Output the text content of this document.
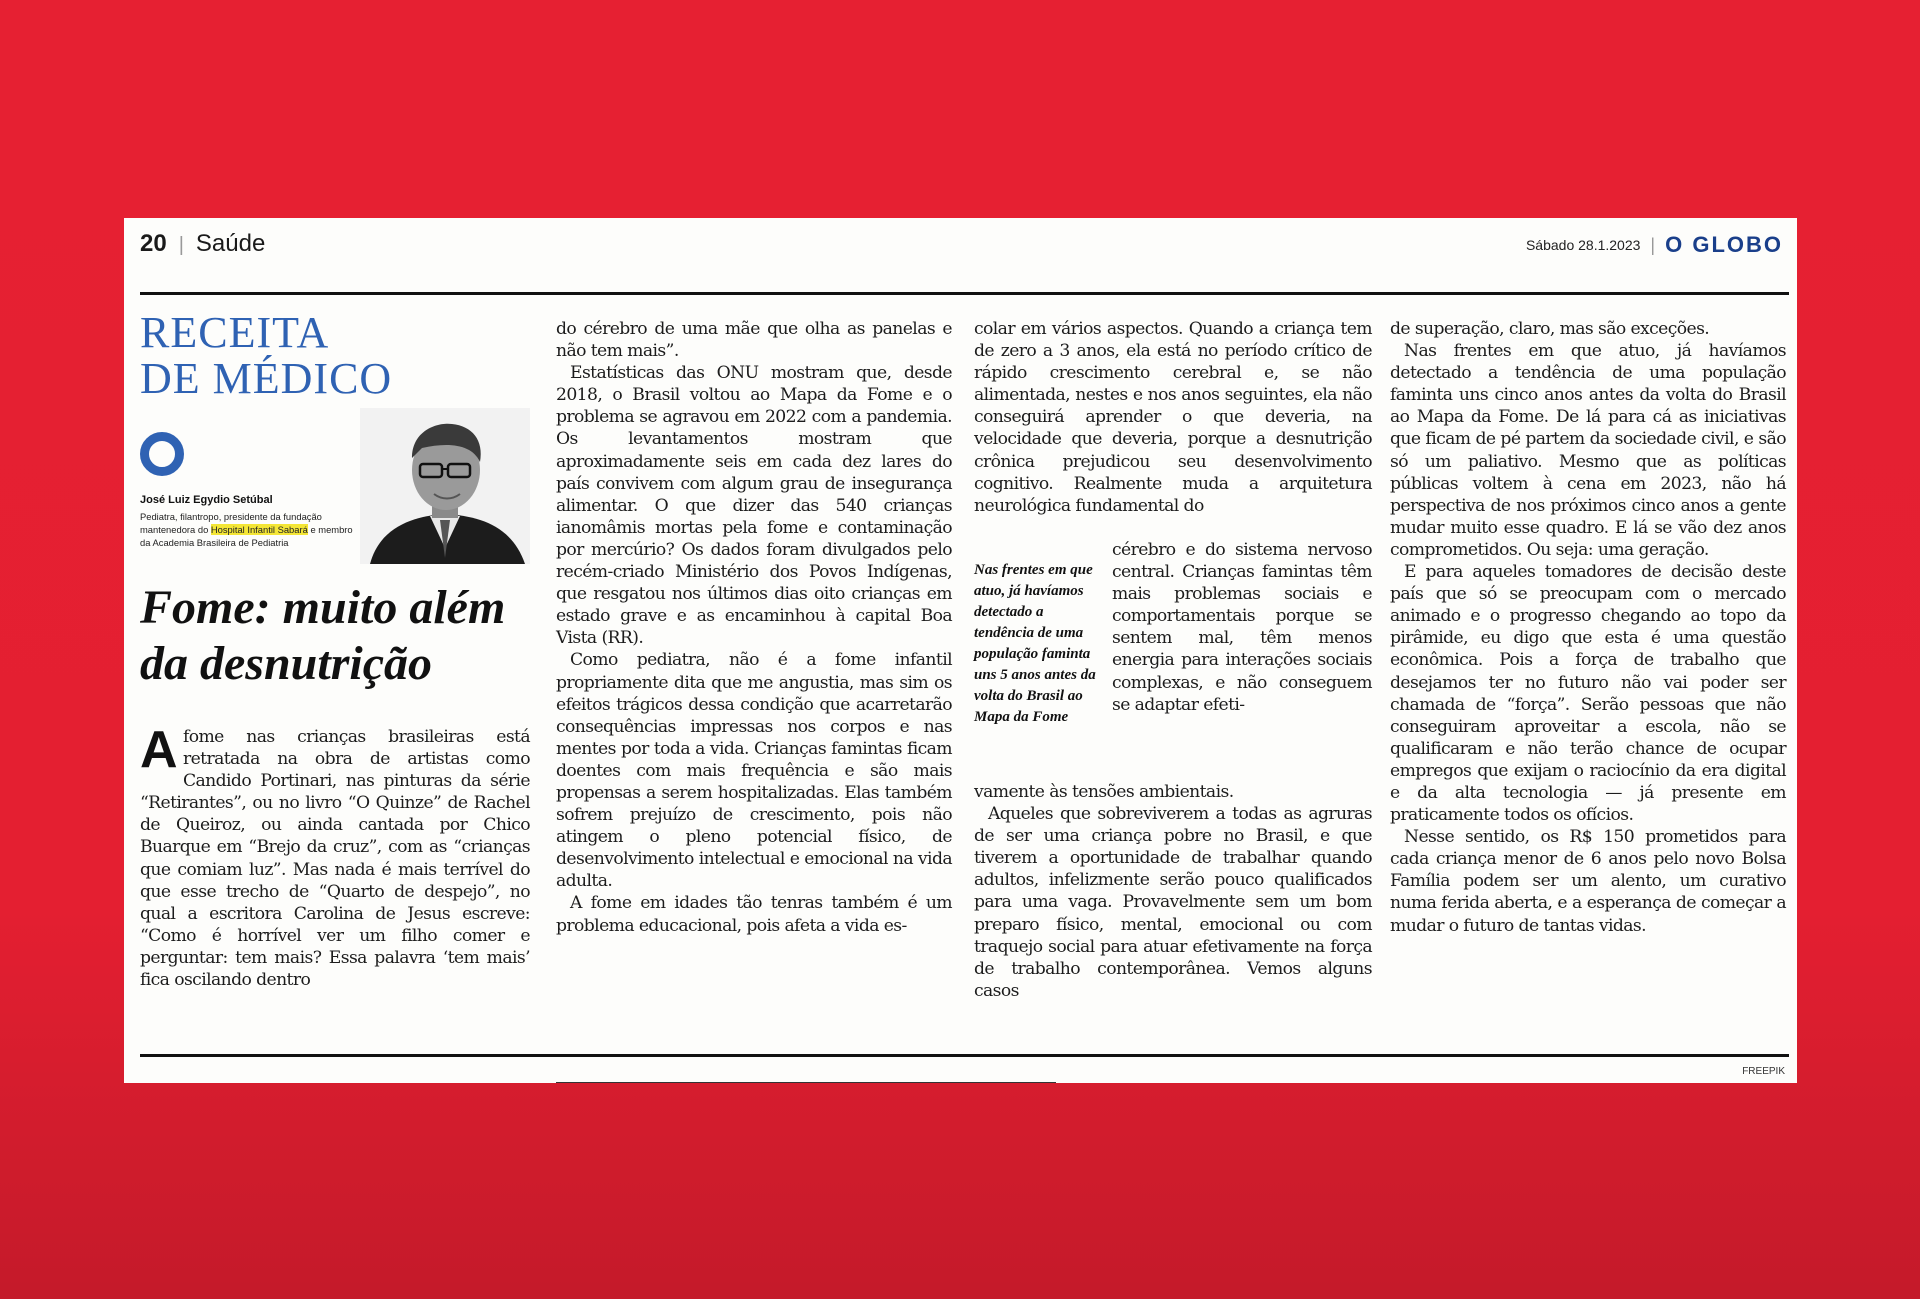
20 | Saúde	Sábado 28.1.2023 | O GLOBO
RECEITA
DE MÉDICO
José Luiz Egydio Setúbal
Pediatra, filantropo, presidente da fundação mantenedora do Hospital Infantil Sabará e membro da Academia Brasileira de Pediatria
Fome: muito além da desnutrição

Afome nas crianças brasileiras está retratada na obra de artistas como Candido Portinari, nas pinturas da série “Retirantes”, ou no livro “O Quinze” de Rachel de Queiroz, ou ainda cantada por Chico Buarque em “Brejo da cruz”, com as “crianças que comiam luz”. Mas nada é mais terrível do que esse trecho de “Quarto de despejo”, no qual a escritora Carolina de Jesus escreve: “Como é horrível ver um filho comer e perguntar: tem mais? Essa palavra ‘tem mais’ fica oscilando dentro

do cérebro de uma mãe que olha as panelas e não tem mais”.

Estatísticas das ONU mostram que, desde 2018, o Brasil voltou ao Mapa da Fome e o problema se agravou em 2022 com a pandemia. Os levantamentos mostram que aproximadamente seis em cada dez lares do país convivem com algum grau de insegurança alimentar. O que dizer das 540 crianças ianomâmis mortas pela fome e contaminação por mercúrio? Os dados foram divulgados pelo recém-criado Ministério dos Povos Indígenas, que resgatou nos últimos dias oito crianças em estado grave e as encaminhou à capital Boa Vista (RR).

Como pediatra, não é a fome infantil propriamente dita que me angustia, mas sim os efeitos trágicos dessa condição que acarretarão consequências impressas nos corpos e nas mentes por toda a vida. Crianças famintas ficam doentes com mais frequência e são mais propensas a serem hospitalizadas. Elas também sofrem prejuízo de crescimento, pois não atingem o pleno potencial físico, de desenvolvimento intelectual e emocional na vida adulta.

A fome em idades tão tenras também é um problema educacional, pois afeta a vida es-

colar em vários aspectos. Quando a criança tem de zero a 3 anos, ela está no período crítico de rápido crescimento cerebral e, se não alimentada, nestes e nos anos seguintes, ela não conseguirá aprender o que deveria, na velocidade que deveria, porque a desnutrição crônica prejudicou seu desenvolvimento cognitivo. Realmente muda a arquitetura neurológica fundamental do

Nas frentes em que atuo, já havíamos detectado a tendência de uma população faminta uns 5 anos antes da volta do Brasil ao Mapa da Fome

cérebro e do sistema nervoso central. Crianças famintas têm mais problemas sociais e comportamentais porque se sentem mal, têm menos energia para interações sociais complexas, e não conseguem se adaptar efeti-

vamente às tensões ambientais.

Aqueles que sobreviverem a todas as agruras de ser uma criança pobre no Brasil, e que tiverem a oportunidade de trabalhar quando adultos, infelizmente serão pouco qualificados para uma vaga. Provavelmente sem um bom preparo físico, mental, emocional ou com traquejo social para atuar efetivamente na força de trabalho contemporânea. Vemos alguns casos

de superação, claro, mas são exceções.

Nas frentes em que atuo, já havíamos detectado a tendência de uma população faminta uns cinco anos antes da volta do Brasil ao Mapa da Fome. De lá para cá as iniciativas que ficam de pé partem da sociedade civil, e são só um paliativo. Mesmo que as políticas públicas voltem à cena em 2023, não há perspectiva de nos próximos cinco anos a gente mudar muito esse quadro. E lá se vão dez anos comprometidos. Ou seja: uma geração.

E para aqueles tomadores de decisão deste país que só se preocupam com o mercado animado e o progresso chegando ao topo da pirâmide, eu digo que esta é uma questão econômica. Pois a força de trabalho que desejamos ter no futuro não vai poder ser chamada de “força”. Serão pessoas que não conseguiram aproveitar a escola, não se qualificaram e não terão chance de ocupar empregos que exijam o raciocínio da era digital e da alta tecnologia — já presente em praticamente todos os ofícios.

Nesse sentido, os R$ 150 prometidos para cada criança menor de 6 anos pelo novo Bolsa Família podem ser um alento, um curativo numa ferida aberta, e a esperança de começar a mudar o futuro de tantas vidas.

FREEPIK
